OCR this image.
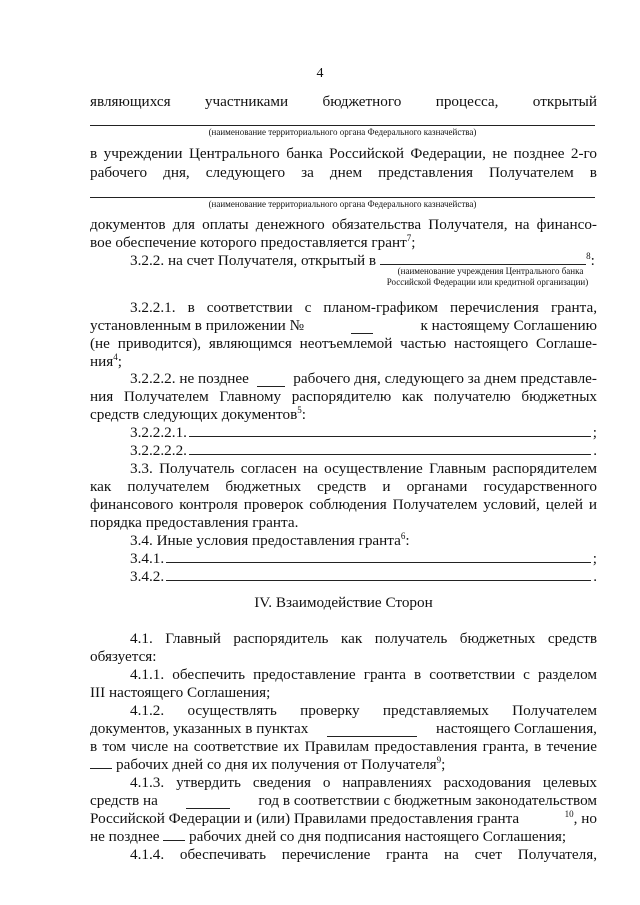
4
являющихся участниками бюджетного процесса, открытый
(наименование территориального органа Федерального казначейства)
в учреждении Центрального банка Российской Федерации, не позднее 2-го
рабочего дня, следующего за днем представления Получателем в
(наименование территориального органа Федерального казначейства)
документов для оплаты денежного обязательства Получателя, на финансо-
вое обеспечение которого предоставляется грант$^7$;
3.2.2. на счет Получателя, открытый в	$^8$:
(наименование учреждения Центрального банка
Российской Федерации или кредитной организации)
3.2.2.1. в соответствии с планом-графиком перечисления гранта,
установленным в приложении №	к настоящему Соглашению
(не приводится), являющимся неотъемлемой частью настоящего Соглаше-
ния$^4$;
3.2.2.2. не позднее	рабочего дня, следующего за днем представле-
ния Получателем Главному распорядителю как получателю бюджетных
средств следующих документов$^5$:
3.2.2.2.1.	;
3.2.2.2.2.	.
3.3. Получатель согласен на осуществление Главным распорядителем
как получателем бюджетных средств и органами государственного
финансового контроля проверок соблюдения Получателем условий, целей и
порядка предоставления гранта.
3.4. Иные условия предоставления гранта$^6$:
3.4.1.	;
3.4.2.	.
IV. Взаимодействие Сторон
4.1. Главный распорядитель как получатель бюджетных средств
обязуется:
4.1.1. обеспечить предоставление гранта в соответствии с разделом
III настоящего Соглашения;
4.1.2. осуществлять проверку представляемых Получателем
документов, указанных в пунктах	настоящего Соглашения,
в том числе на соответствие их Правилам предоставления гранта, в течение
рабочих дней со дня их получения от Получателя$^9$;
4.1.3. утвердить сведения о направлениях расходования целевых
средств на	год в соответствии с бюджетным законодательством
Российской Федерации и (или) Правилами предоставления гранта	$^{10}$, но
не позднее рабочих дней со дня подписания настоящего Соглашения;
4.1.4. обеспечивать перечисление гранта на счет Получателя,
